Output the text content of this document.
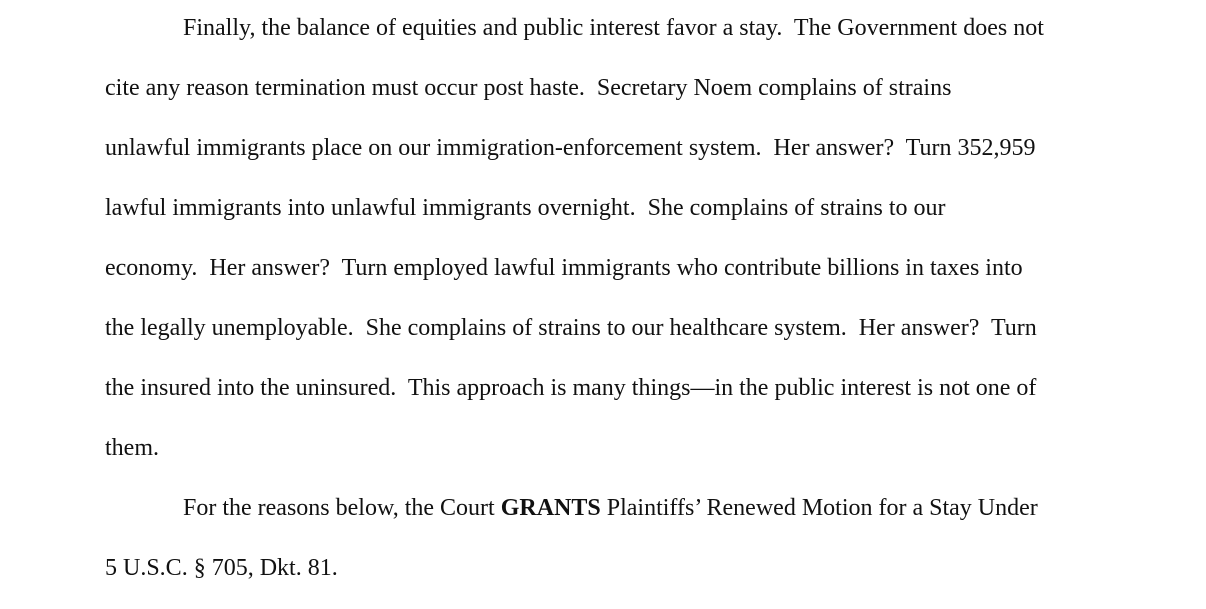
Finally, the balance of equities and public interest favor a stay.  The Government does not
cite any reason termination must occur post haste.  Secretary Noem complains of strains
unlawful immigrants place on our immigration-enforcement system.  Her answer?  Turn 352,959
lawful immigrants into unlawful immigrants overnight.  She complains of strains to our
economy.  Her answer?  Turn employed lawful immigrants who contribute billions in taxes into
the legally unemployable.  She complains of strains to our healthcare system.  Her answer?  Turn
the insured into the uninsured.  This approach is many things—in the public interest is not one of
them.
For the reasons below, the Court GRANTS Plaintiffs’ Renewed Motion for a Stay Under
5 U.S.C. § 705, Dkt. 81.
